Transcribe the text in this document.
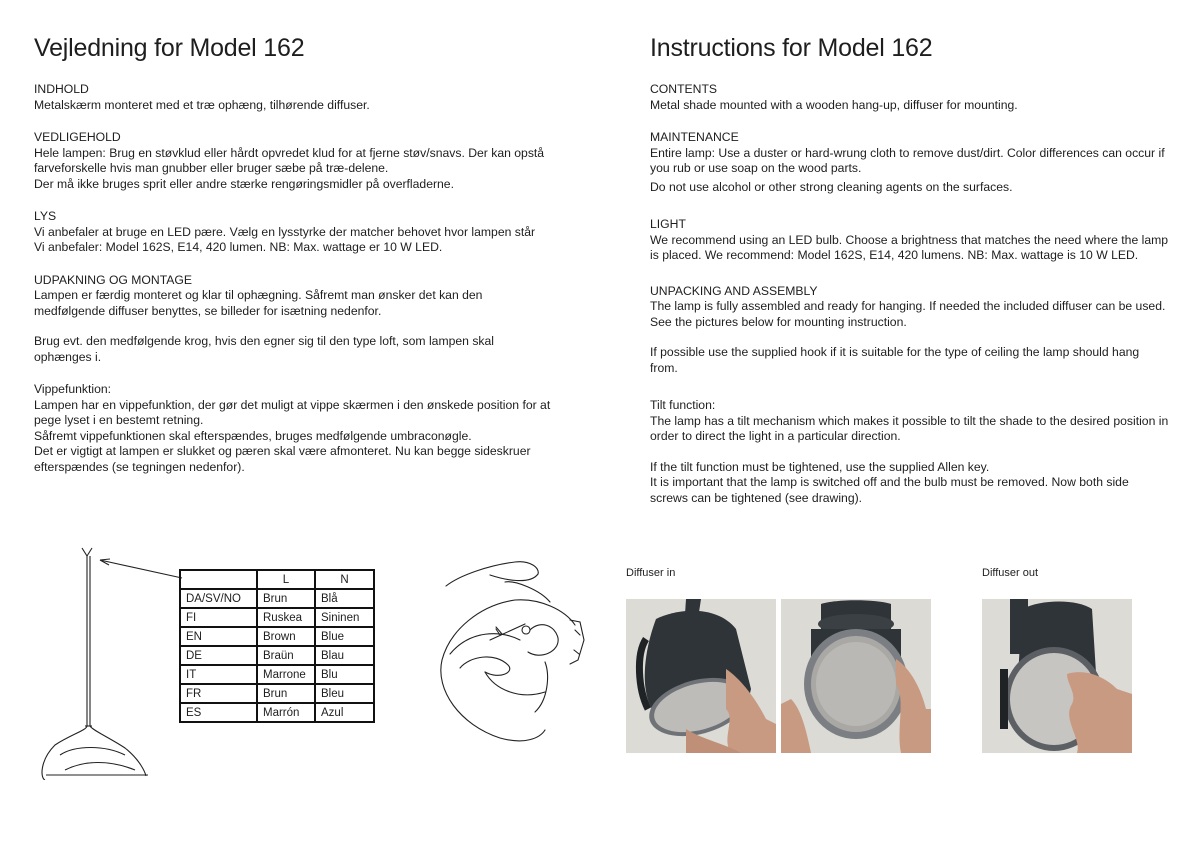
Vejledning for Model 162
INDHOLD

Metalskærm monteret med et træ ophæng, tilhørende diffuser.

VEDLIGEHOLD

Hele lampen: Brug en støvklud eller hårdt opvredet klud for at fjerne støv/snavs. Der kan opstå farveforskelle hvis man gnubber eller bruger sæbe på træ-delene.

Der må ikke bruges sprit eller andre stærke rengøringsmidler på overfladerne.

LYS

Vi anbefaler at bruge en LED pære. Vælg en lysstyrke der matcher behovet hvor lampen står

Vi anbefaler: Model 162S, E14, 420 lumen. NB: Max. wattage er 10 W LED.

UDPAKNING OG MONTAGE

Lampen er færdig monteret og klar til ophægning. Såfremt man ønsker det kan den medfølgende diffuser benyttes, se billeder for isætning nedenfor.

Brug evt. den medfølgende krog, hvis den egner sig til den type loft, som lampen skal ophænges i.

Vippefunktion:

Lampen har en vippefunktion, der gør det muligt at vippe skærmen i den ønskede position for at pege lyset i en bestemt retning.

Såfremt vippefunktionen skal efterspændes, bruges medfølgende umbraconøgle.

Det er vigtigt at lampen er slukket og pæren skal være afmonteret. Nu kan begge sideskruer efterspændes (se tegningen nedenfor).

Instructions for Model 162
CONTENTS

Metal shade mounted with a wooden hang-up, diffuser for mounting.

MAINTENANCE

Entire lamp: Use a duster or hard-wrung cloth to remove dust/dirt. Color differences can occur if you rub or use soap on the wood parts.

Do not use alcohol or other strong cleaning agents on the surfaces.

LIGHT

We recommend using an LED bulb. Choose a brightness that matches the need where the lamp is placed. We recommend: Model 162S, E14, 420 lumens. NB: Max. wattage is 10 W LED.

UNPACKING AND ASSEMBLY

The lamp is fully assembled and ready for hanging. If needed the included diffuser can be used. See the pictures below for mounting instruction.

If possible use the supplied hook if it is suitable for the type of ceiling the lamp should hang from.

Tilt function:

The lamp has a tilt mechanism which makes it possible to tilt the shade to the desired position in order to direct the light in a particular direction.

If the tilt function must be tightened, use the supplied Allen key.

It is important that the lamp is switched off and the bulb must be removed. Now both side screws can be tightened (see drawing).

	L	N
DA/SV/NO	Brun	Blå
FI	Ruskea	Sininen
EN	Brown	Blue
DE	Braün	Blau
IT	Marrone	Blu
FR	Brun	Bleu
ES	Marrón	Azul
Diffuser in	Diffuser out
